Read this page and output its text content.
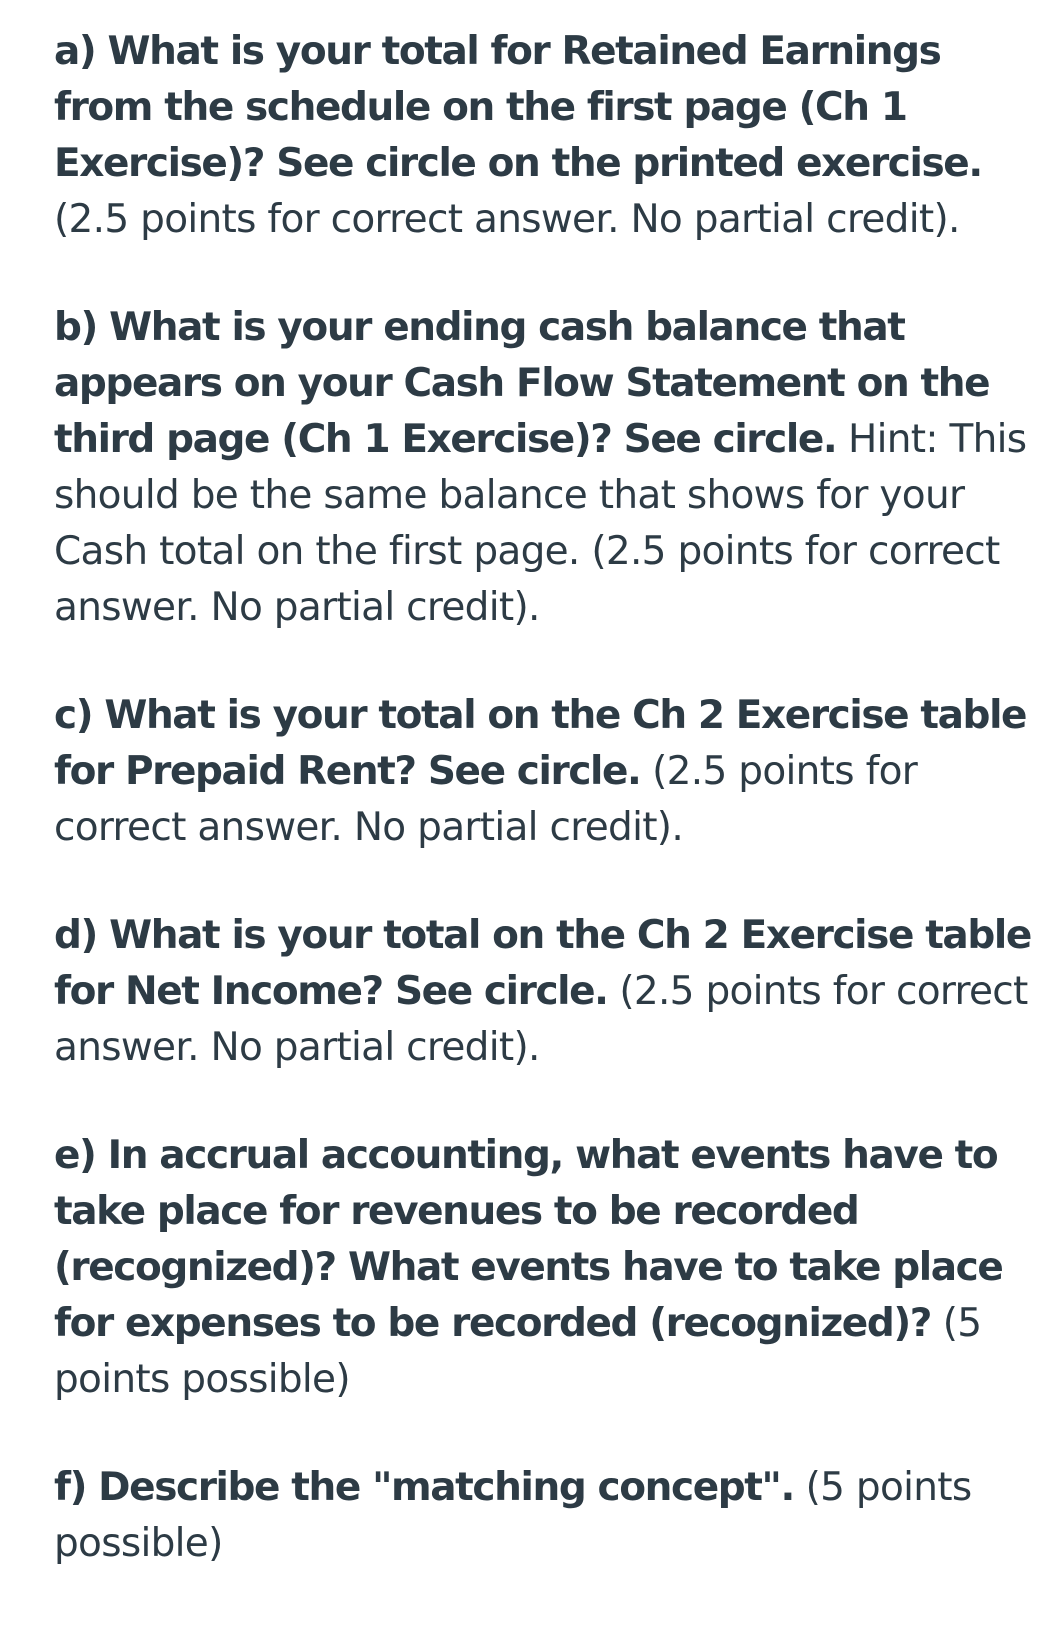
a) What is your total for Retained Earnings from the schedule on the first page (Ch 1 Exercise)? See circle on the printed exercise. (2.5 points for correct answer. No partial credit).

b) What is your ending cash balance that appears on your Cash Flow Statement on the third page (Ch 1 Exercise)? See circle. Hint: This should be the same balance that shows for your Cash total on the first page. (2.5 points for correct answer. No partial credit).

c) What is your total on the Ch 2 Exercise table for Prepaid Rent? See circle. (2.5 points for correct answer. No partial credit).

d) What is your total on the Ch 2 Exercise table for Net Income? See circle. (2.5 points for correct answer. No partial credit).

e) In accrual accounting, what events have to take place for revenues to be recorded (recognized)? What events have to take place for expenses to be recorded (recognized)? (5 points possible)

f) Describe the "matching concept". (5 points possible)
